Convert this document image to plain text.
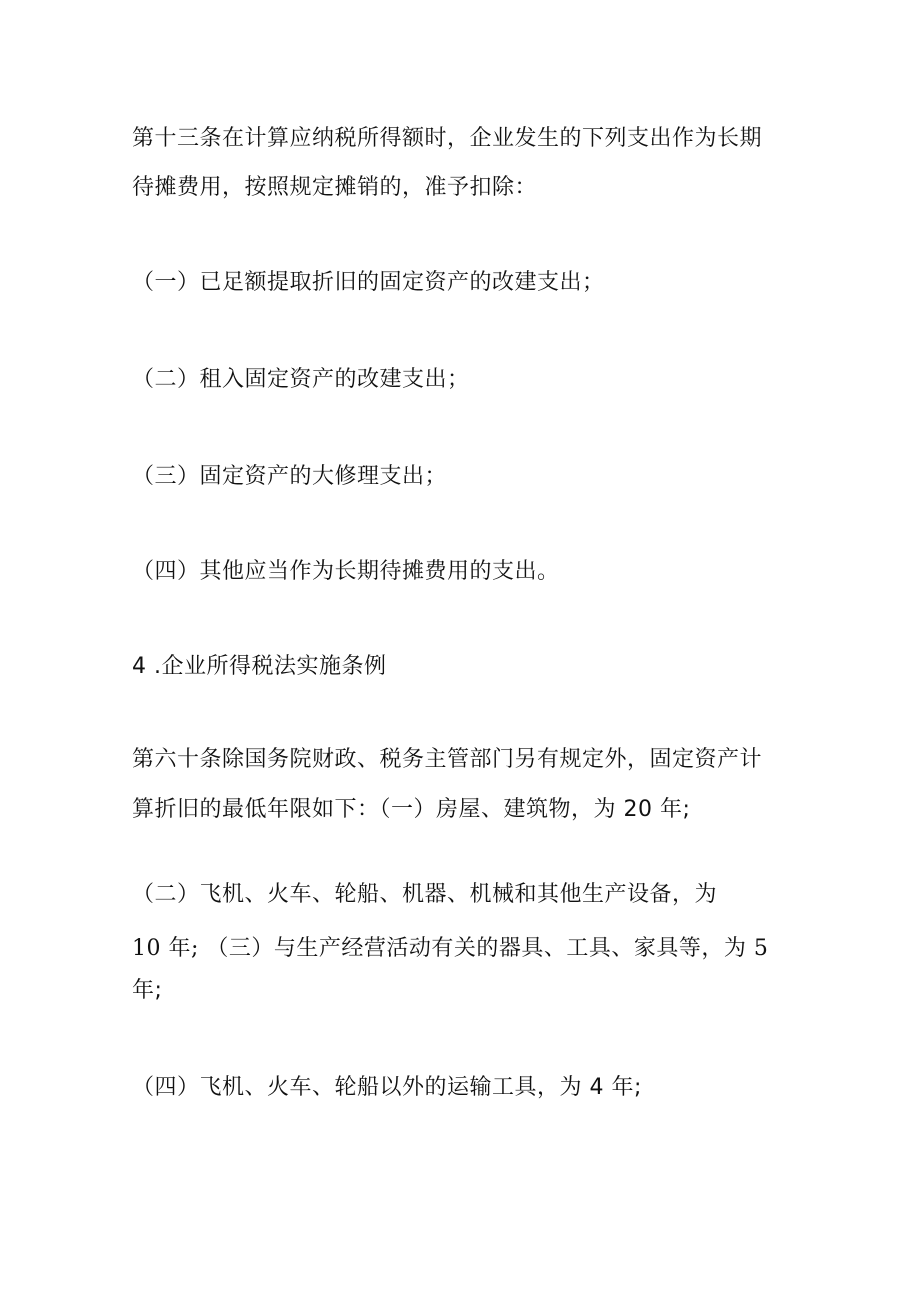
第十三条在计算应纳税所得额时，企业发生的下列支出作为长期
待摊费用，按照规定摊销的，准予扣除：
（一）已足额提取折旧的固定资产的改建支出；
（二）租入固定资产的改建支出；
（三）固定资产的大修理支出；
（四）其他应当作为长期待摊费用的支出。
4 .企业所得税法实施条例
第六十条除国务院财政、税务主管部门另有规定外，固定资产计
算折旧的最低年限如下：（一）房屋、建筑物，为 20 年;
（二）飞机、火车、轮船、机器、机械和其他生产设备，为
10 年; （三）与生产经营活动有关的器具、工具、家具等，为 5
年;
（四）飞机、火车、轮船以外的运输工具，为 4 年;
